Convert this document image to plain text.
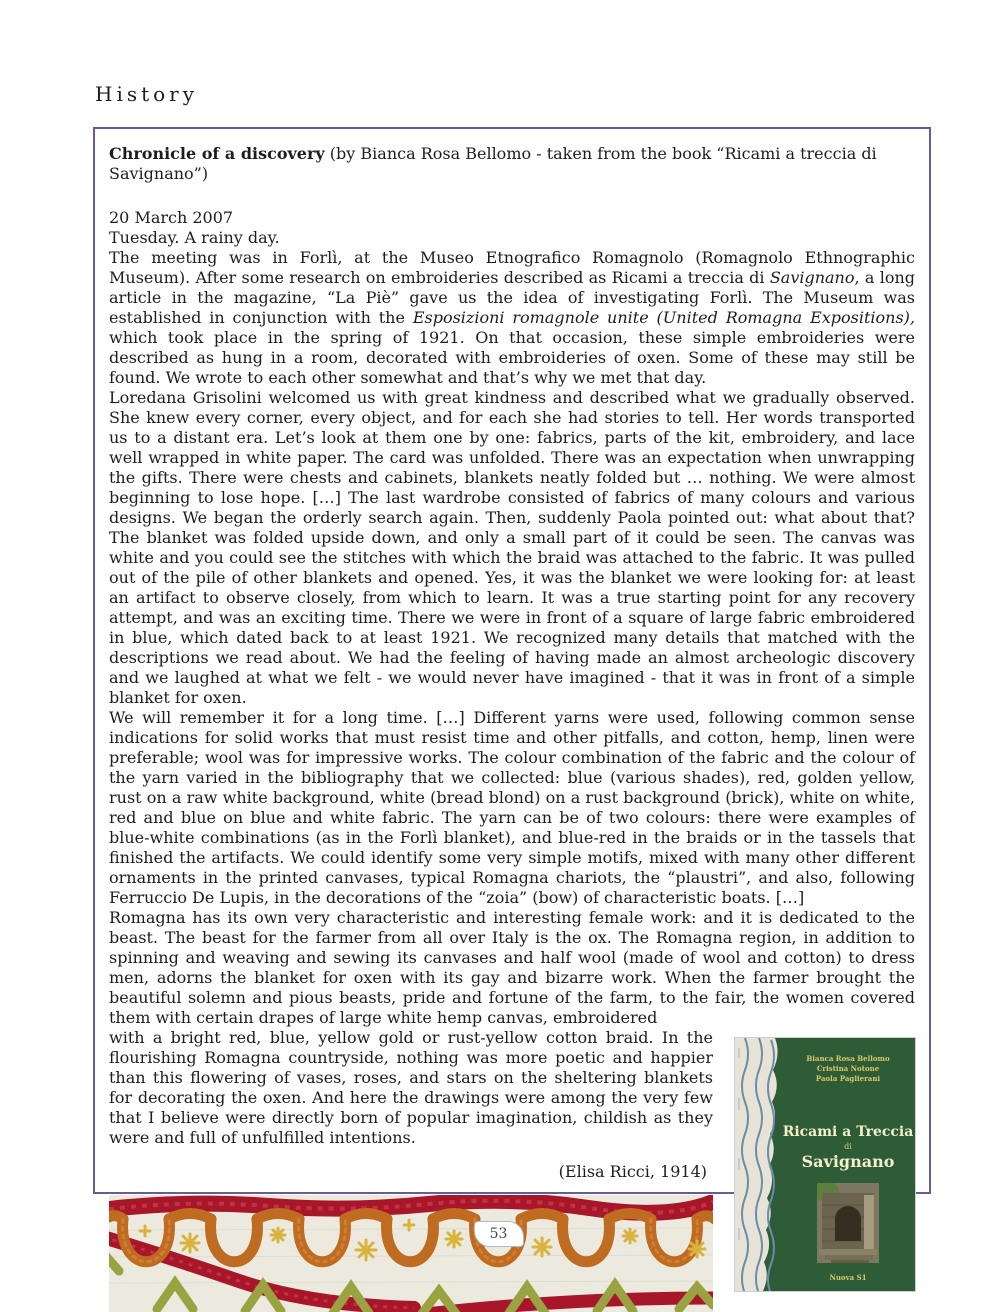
History

Chronicle of a discovery (by Bianca Rosa Bellomo - taken from the book “Ricami a treccia di Savignano”)

20 March 2007

Tuesday. A rainy day.

The meeting was in Forlì, at the Museo Etnografico Romagnolo (Romagnolo Ethnographic Museum). After some research on embroideries described as Ricami a treccia di Savignano, a long article in the magazine, “La Piè” gave us the idea of investigating Forlì. The Museum was established in conjunction with the Esposizioni romagnole unite (United Romagna Expositions), which took place in the spring of 1921. On that occasion, these simple embroideries were described as hung in a room, decorated with embroideries of oxen. Some of these may still be found. We wrote to each other somewhat and that’s why we met that day.

Loredana Grisolini welcomed us with great kindness and described what we gradually observed. She knew every corner, every object, and for each she had stories to tell. Her words transported us to a distant era. Let’s look at them one by one: fabrics, parts of the kit, embroidery, and lace well wrapped in white paper. The card was unfolded. There was an expectation when unwrapping the gifts. There were chests and cabinets, blankets neatly folded but … nothing. We were almost beginning to lose hope. […] The last wardrobe consisted of fabrics of many colours and various designs. We began the orderly search again. Then, suddenly Paola pointed out: what about that? The blanket was folded upside down, and only a small part of it could be seen. The canvas was white and you could see the stitches with which the braid was attached to the fabric. It was pulled out of the pile of other blankets and opened. Yes, it was the blanket we were looking for: at least an artifact to observe closely, from which to learn. It was a true starting point for any recovery attempt, and was an exciting time. There we were in front of a square of large fabric embroidered in blue, which dated back to at least 1921. We recognized many details that matched with the descriptions we read about. We had the feeling of having made an almost archeologic discovery and we laughed at what we felt - we would never have imagined - that it was in front of a simple blanket for oxen.

We will remember it for a long time. […] Different yarns were used, following common sense indications for solid works that must resist time and other pitfalls, and cotton, hemp, linen were preferable; wool was for impressive works. The colour combination of the fabric and the colour of the yarn varied in the bibliography that we collected: blue (various shades), red, golden yellow, rust on a raw white background, white (bread blond) on a rust background (brick), white on white, red and blue on blue and white fabric. The yarn can be of two colours: there were examples of blue-white combinations (as in the Forlì blanket), and blue-red in the braids or in the tassels that finished the artifacts. We could identify some very simple motifs, mixed with many other different ornaments in the printed canvases, typical Romagna chariots, the “plaustri”, and also, following Ferruccio De Lupis, in the decorations of the “zoia” (bow) of characteristic boats. […]

Romagna has its own very characteristic and interesting female work: and it is dedicated to the beast. The beast for the farmer from all over Italy is the ox. The Romagna region, in addition to spinning and weaving and sewing its canvases and half wool (made of wool and cotton) to dress men, adorns the blanket for oxen with its gay and bizarre work. When the farmer brought the beautiful solemn and pious beasts, pride and fortune of the farm, to the fair, the women covered them with certain drapes of large white hemp canvas, embroidered

with a bright red, blue, yellow gold or rust-yellow cotton braid. In the flourishing Romagna countryside, nothing was more poetic and happier than this flowering of vases, roses, and stars on the sheltering blankets for decorating the oxen. And here the drawings were among the very few that I believe were directly born of popular imagination, childish as they were and full of unfulfilled intentions.

(Elisa Ricci, 1914)

Bianca Rosa Bellomo
Cristina Notone
Paola Paglierani
Ricami a Treccia
di
Savignano
Nuova S1
53
